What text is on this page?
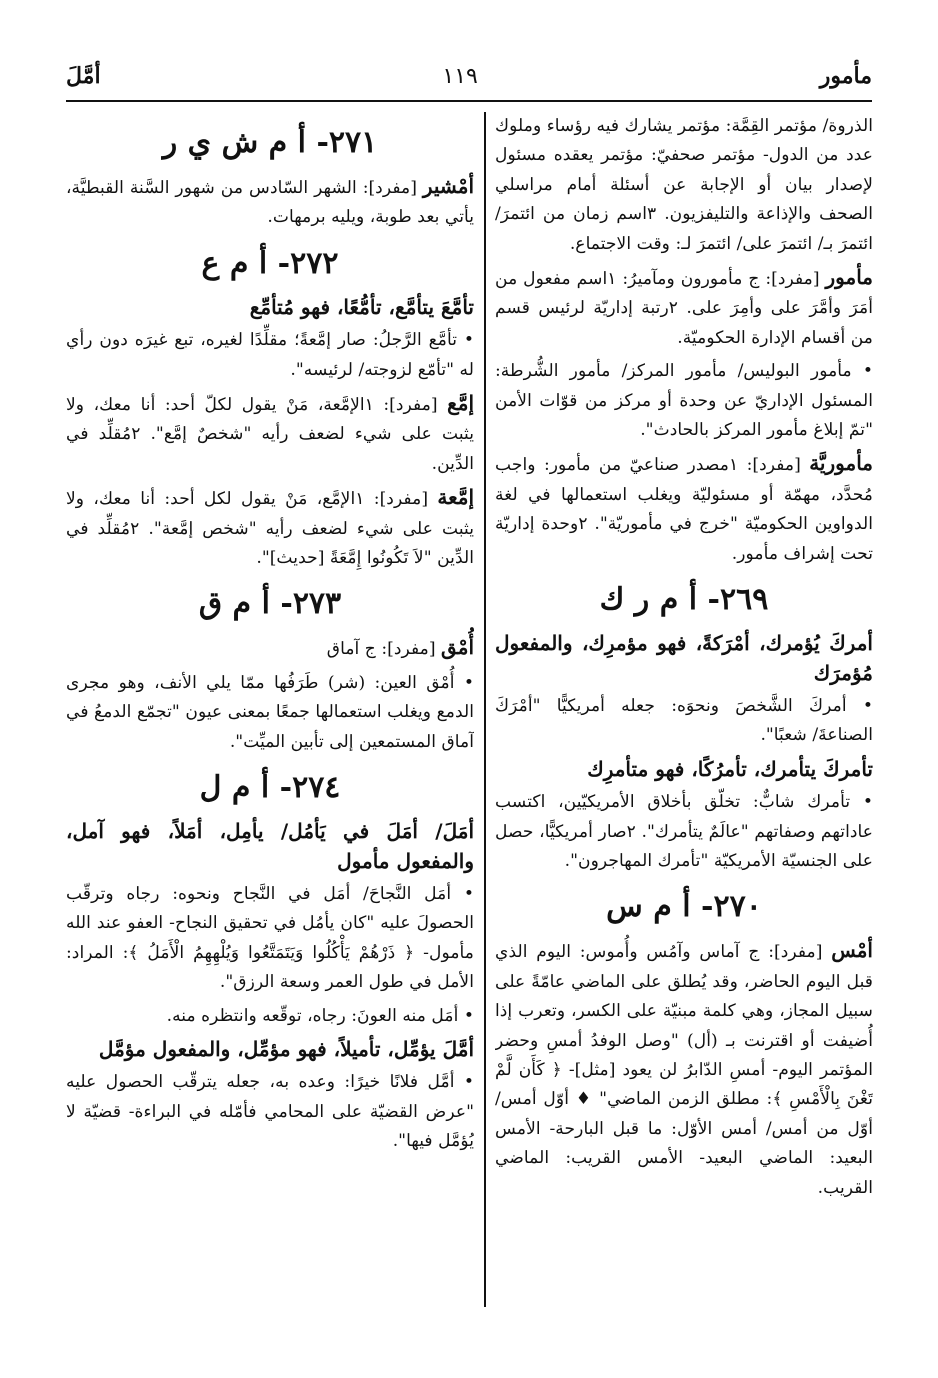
مأمور
١١٩
أمَّلَ

الذروة/ مؤتمر القِمَّة: مؤتمر يشارك فيه رؤساء وملوك عدد من الدول- مؤتمر صحفيّ: مؤتمر يعقده مسئول لإصدار بيان أو الإجابة عن أسئلة أمام مراسلي الصحف والإذاعة والتليفزيون. ٣اسم زمان من ائتمرَ/ ائتمرَ بـ/ ائتمرَ على/ ائتمرَ لـ: وقت الاجتماع.

مأمور [مفرد]: ج مأمورون ومآميرُ: ١اسم مفعول من أمَرَ وأمَّرَ على وأمِرَ على. ٢رتبة إداريّة لرئيس قسم من أقسام الإدارة الحكوميّة.

• مأمور البوليس/ مأمور المركز/ مأمور الشُّرطة: المسئول الإداريّ عن وحدة أو مركز من قوّات الأمن "تمّ إبلاغ مأمور المركز بالحادث".

مأموريَّة [مفرد]: ١مصدر صناعيّ من مأمور: واجب مُحدَّد، مهمّة أو مسئوليّة ويغلب استعمالها في لغة الدواوين الحكوميّة "خرج في مأموريّة". ٢وحدة إداريّة تحت إشراف مأمور.

٢٦٩- أ م ر ك
أمركَ يُؤمرك، أمْرَكةً، فهو مؤمرِك، والمفعول مُؤمرَك

• أمركَ الشَّخصَ ونحوَه: جعله أمريكيًّا "أمْرَكَ الصناعةَ/ شعبًا".

تأمركَ يتأمرك، تأمرُكًا، فهو متأمرِك

• تأمرك شابٌّ: تخلّق بأخلاق الأمريكيّين، اكتسب عاداتهم وصفاتهم "عالَمٌ يتأمرك". ٢صار أمريكيًّا، حصل على الجنسيّة الأمريكيّة "تأمرك المهاجرون".

٢٧٠- أ م س

أمْس [مفرد]: ج آماس وآمُس وأُموس: اليوم الذي قبل اليوم الحاضر، وقد يُطلق على الماضي عامّةً على سبيل المجاز، وهي كلمة مبنيّة على الكسر، وتعرب إذا أُضيفت أو اقترنت بـ (أل) "وصل الوفدُ أمسِ وحضر المؤتمر اليوم- أمسِ الدّابرُ لن يعود [مثل]- ﴿ كَأَن لَّمْ تَغْنَ بِالْأَمْسِ ﴾: مطلق الزمن الماضي" ♦ أوّل أمس/ أوّل من أمس/ أمس الأوّل: ما قبل البارحة- الأمس البعيد: الماضي البعيد- الأمس القريب: الماضي القريب.

٢٧١- أ م ش ي ر

أمْشير [مفرد]: الشهر السّادس من شهور السَّنة القبطيَّة، يأتي بعد طوبة، ويليه برمهات.

٢٧٢- أ م ع
تأمَّعَ يتأمَّع، تأمُّعًا، فهو مُتأمِّع

• تأمَّع الرَّجلُ: صار إمَّعةً؛ مقلِّدًا لغيره، تبع غيرَه دون رأي له "تأمّع لزوجته/ لرئيسه".

إمَّع [مفرد]: ١الإمَّعة، مَنْ يقول لكلّ أحد: أنا معك، ولا يثبت على شيء لضعف رأيه "شخصٌ إمَّع". ٢مُقلِّد في الدِّين.

إمَّعة [مفرد]: ١الإمَّع، مَنْ يقول لكل أحد: أنا معك، ولا يثبت على شيء لضعف رأيه "شخص إمَّعة". ٢مُقلِّد في الدِّين "لاَ تَكُونُوا إِمَّعَةً [حديث]".

٢٧٣- أ م ق

أُمْق [مفرد]: ج آماق

• أُمْق العين: (شر) طَرَفُها ممّا يلي الأنف، وهو مجرى الدمع ويغلب استعمالها جمعًا بمعنى عيون "تجمّع الدمعُ في آماق المستمعين إلى تأبين الميِّت".

٢٧٤- أ م ل
أمَلَ/ أمَلَ في يَأمُل/ يأمِل، أمَلاً، فهو آمل، والمفعول مأمول

• أمَل النَّجاحَ/ أمَل في النَّجاح ونحوه: رجاه وترقّب الحصولَ عليه "كان يأمُل في تحقيق النجاح- العفو عند الله مأمول- ﴿ ذَرْهُمْ يَأْكُلُوا وَيَتَمَتَّعُوا وَيُلْهِهِمُ الْأَمَلُ ﴾: المراد: الأمل في طول العمر وسعة الرزق".

• أمَل منه العونَ: رجاه، توقّعه وانتظره منه.

أمَّلَ يؤمِّل، تأميلاً، فهو مؤمِّل، والمفعول مؤمَّل

• أمَّل فلانًا خيرًا: وعده به، جعله يترقّب الحصول عليه "عرض القضيّة على المحامي فأمّله في البراءة- قضيّة لا يُؤمَّل فيها".
